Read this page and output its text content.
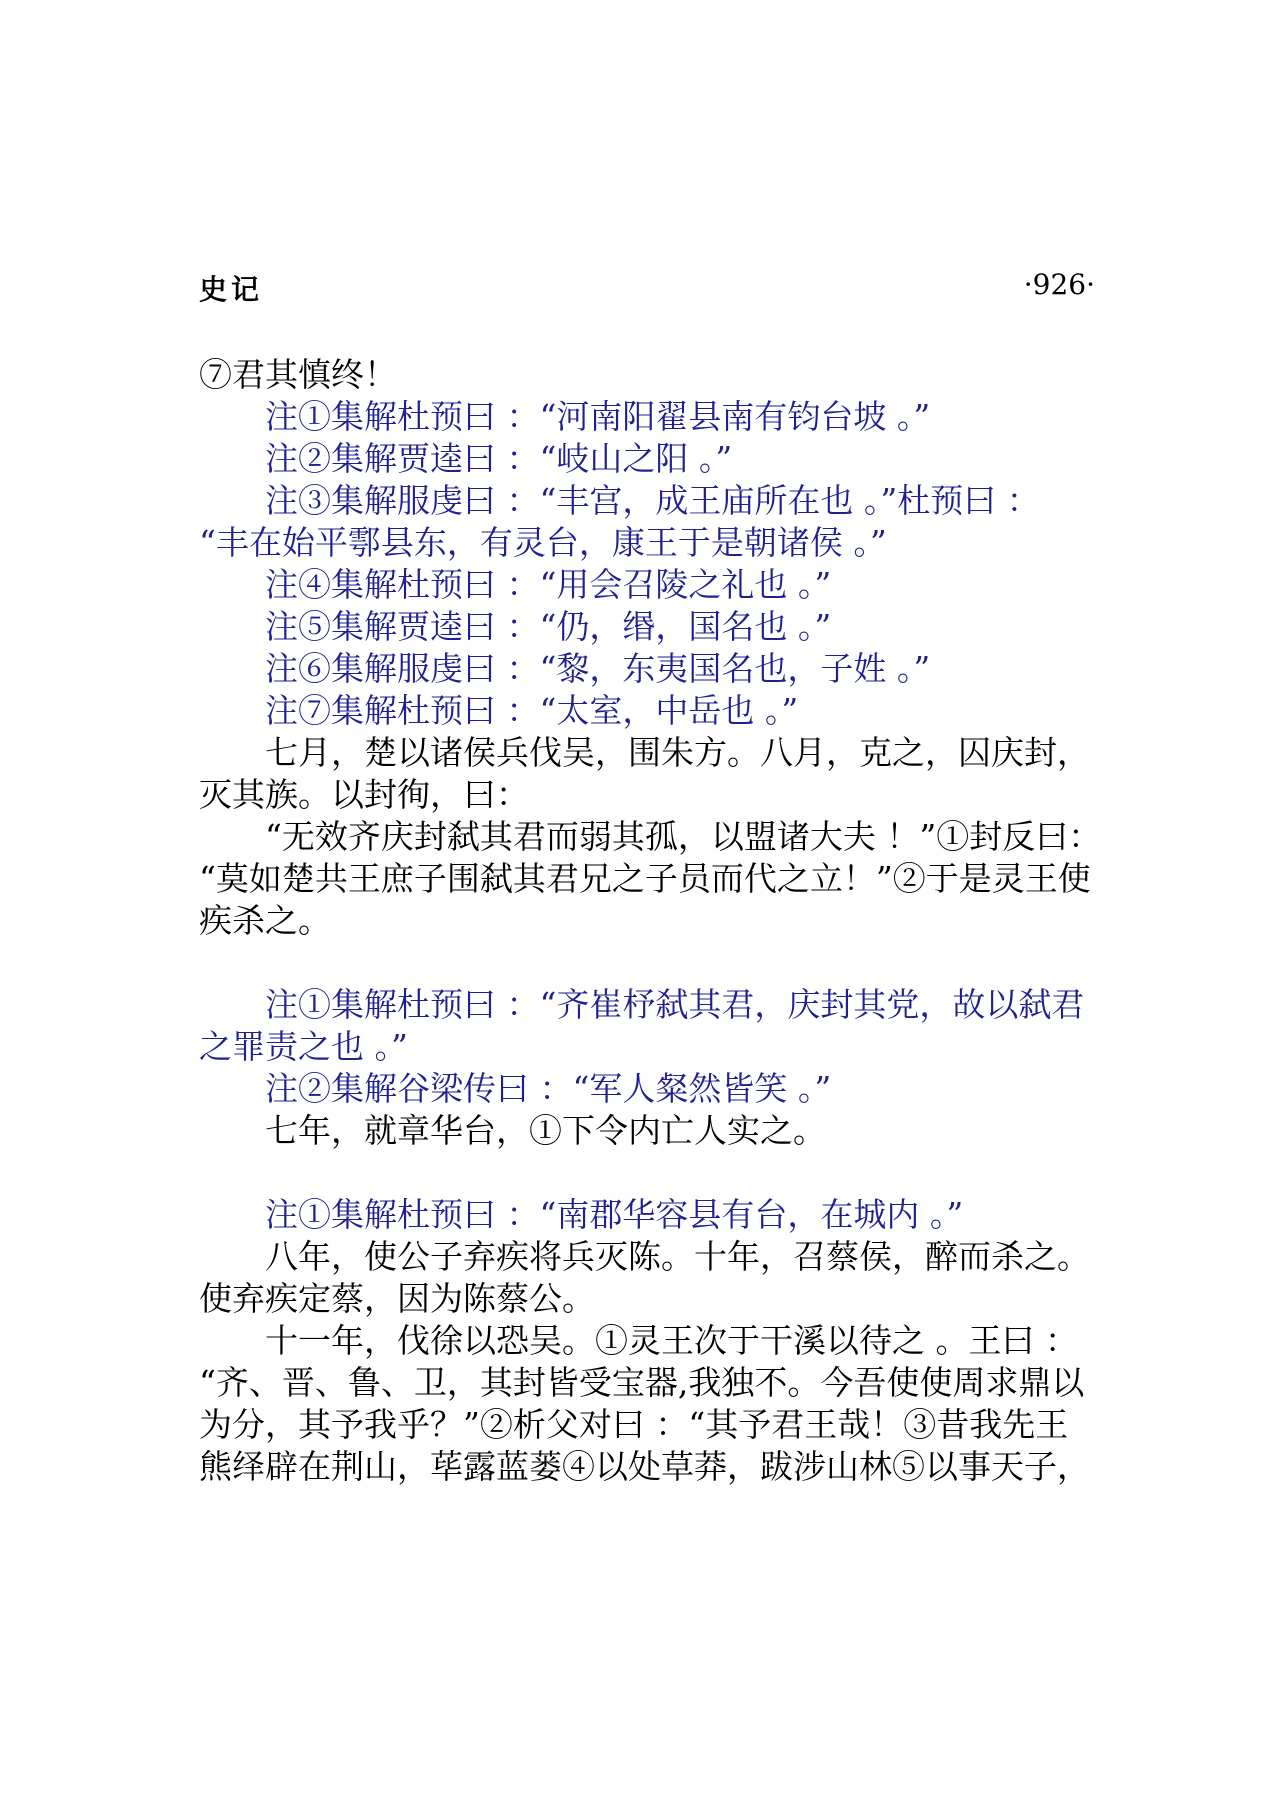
史记	·926·
⑦君其慎终！
注①集解杜预曰 ：“河南阳翟县南有钧台坡 。”
注②集解贾逵曰 ：“岐山之阳 。”
注③集解服虔曰 ：“丰宫，成王庙所在也 。”杜预曰 ：
“丰在始平鄠县东，有灵台，康王于是朝诸侯 。”
注④集解杜预曰 ：“用会召陵之礼也 。”
注⑤集解贾逵曰 ：“仍，缗，国名也 。”
注⑥集解服虔曰 ：“黎，东夷国名也，子姓 。”
注⑦集解杜预曰 ：“太室，中岳也 。”
七月，楚以诸侯兵伐吴，围朱方。八月，克之，囚庆封，
灭其族。以封徇，曰：
“无效齐庆封弑其君而弱其孤，以盟诸大夫 ！”①封反曰：
“莫如楚共王庶子围弑其君兄之子员而代之立！”②于是灵王使
疾杀之。
注①集解杜预曰 ：“齐崔杼弑其君，庆封其党，故以弑君
之罪责之也 。”
注②集解谷梁传曰 ：“军人粲然皆笑 。”
七年，就章华台，①下令内亡人实之。
注①集解杜预曰 ：“南郡华容县有台，在城内 。”
八年，使公子弃疾将兵灭陈。十年，召蔡侯，醉而杀之。
使弃疾定蔡，因为陈蔡公。
十一年，伐徐以恐吴。①灵王次于干溪以待之 。王曰 ：
“齐、晋、鲁、卫，其封皆受宝器,我独不。今吾使使周求鼎以
为分，其予我乎？”②析父对曰 ：“其予君王哉！③昔我先王
熊绎辟在荆山，荜露蓝蒌④以处草莽，跋涉山林⑤以事天子，
